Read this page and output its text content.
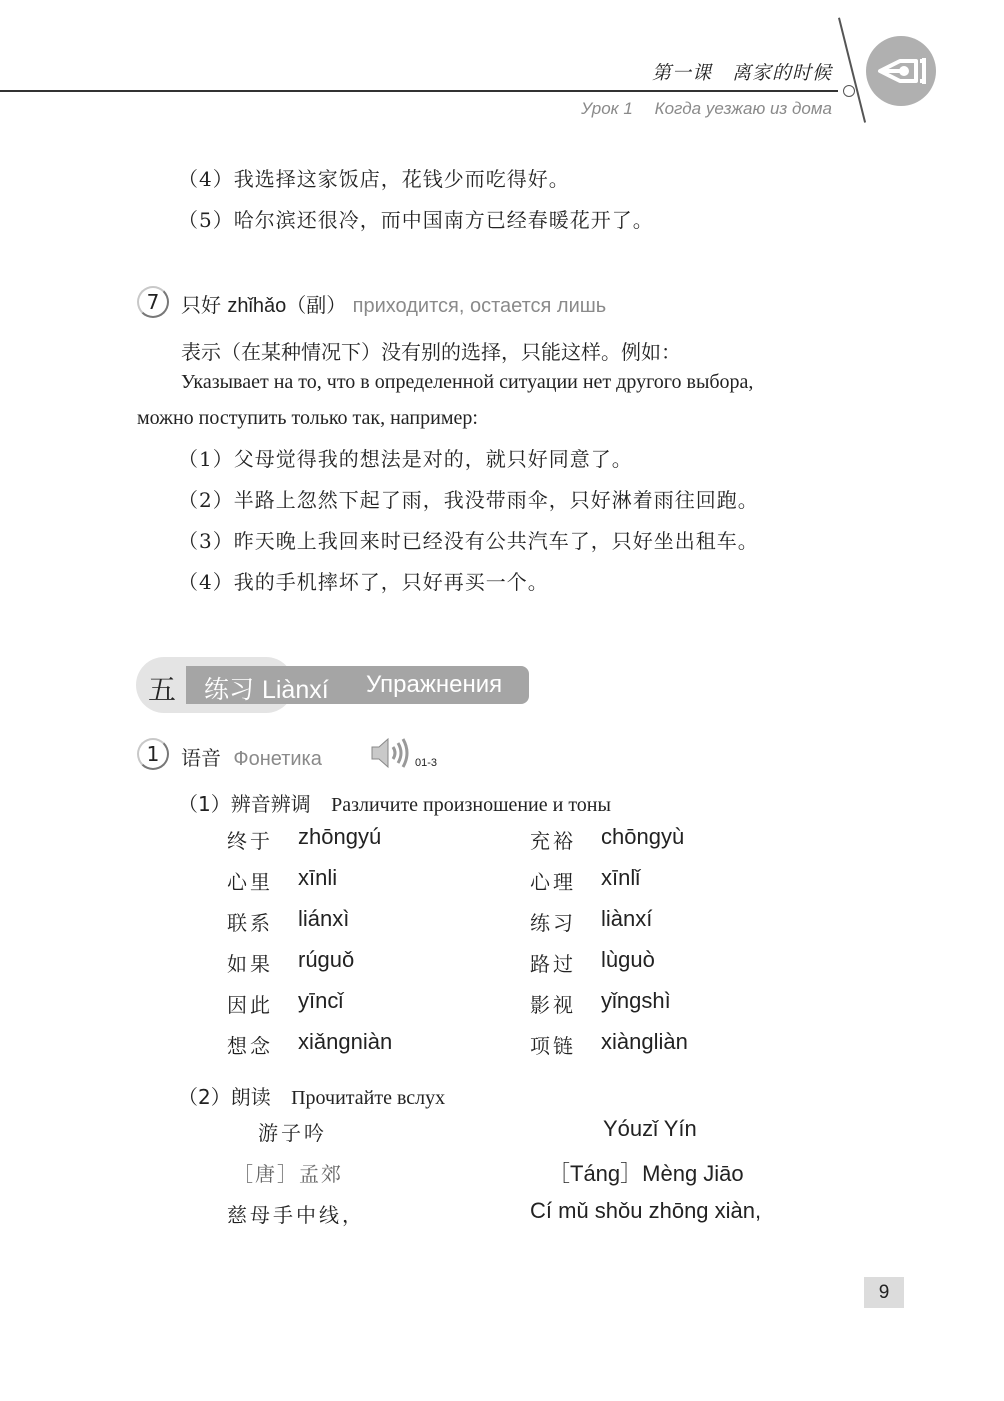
第一课　离家的时候
Урок 1　 Когда уезжаю из дома
（4）我选择这家饭店，花钱少而吃得好。
（5）哈尔滨还很冷，而中国南方已经春暖花开了。
7	只好 zhǐhǎo（副） приходится, остается лишь
表示（在某种情况下）没有别的选择，只能这样。例如：
Указывает на то, что в определенной ситуации нет другого выбора,
можно поступить только так, например:
（1）父母觉得我的想法是对的，就只好同意了。
（2）半路上忽然下起了雨，我没带雨伞，只好淋着雨往回跑。
（3）昨天晚上我回来时已经没有公共汽车了，只好坐出租车。
（4）我的手机摔坏了，只好再买一个。
五 练习 Liànxí Упражнения
1	语音 Фонетика	01-3
（1）辨音辨调 Различите произношение и тоны
终于 zhōngyú	充裕 chōngyù
心里 xīnli	心理 xīnlǐ
联系 liánxì	练习 liànxí
如果 rúguǒ	路过 lùguò
因此 yīncǐ	影视 yǐngshì
想念 xiǎngniàn	项链 xiàngliàn
（2）朗读 Прочитайте вслух
游子吟	Yóuzǐ Yín
［唐］孟郊	［Táng］Mèng Jiāo
慈母手中线，	Cí mǔ shǒu zhōng xiàn,
9
